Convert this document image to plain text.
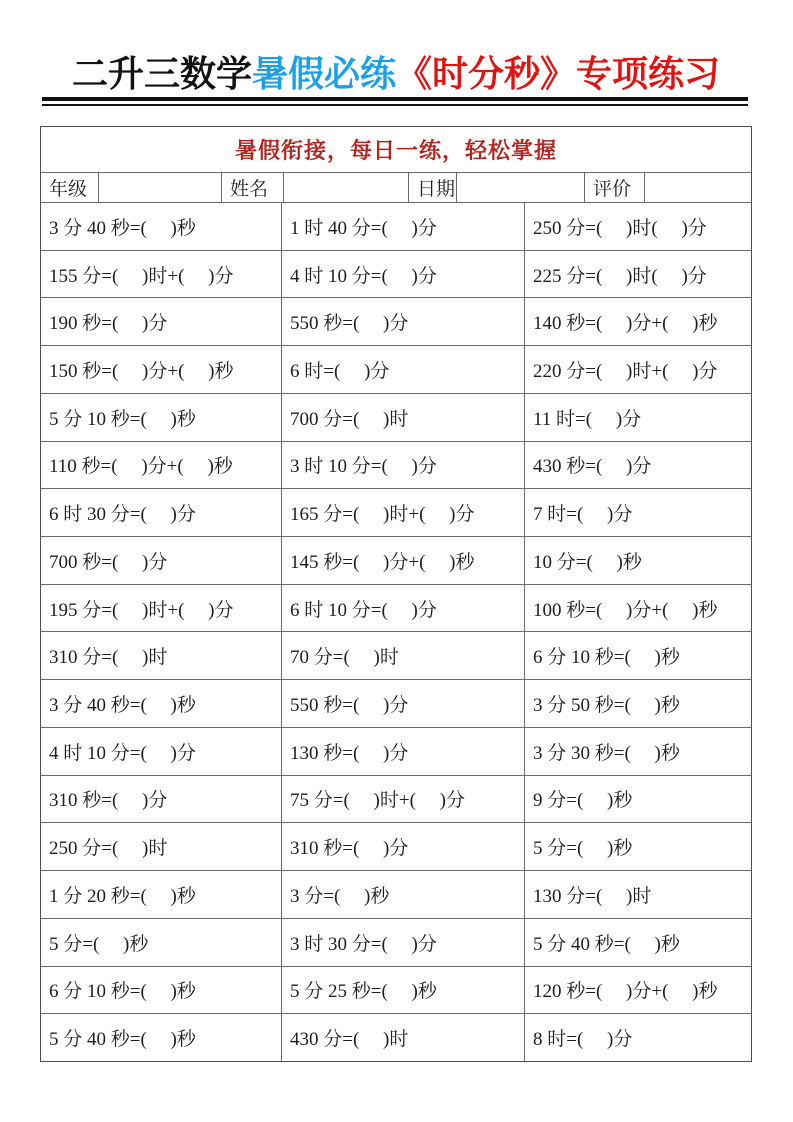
二升三数学暑假必练《时分秒》专项练习
暑假衔接，每日一练，轻松掌握
年级	姓名	日期	评价
3 分 40 秒=(     )秒	1 时 40 分=(     )分	250 分=(     )时(     )分
155 分=(     )时+(     )分	4 时 10 分=(     )分	225 分=(     )时(     )分
190 秒=(     )分	550 秒=(     )分	140 秒=(     )分+(     )秒
150 秒=(     )分+(     )秒	6 时=(     )分	220 分=(     )时+(     )分
5 分 10 秒=(     )秒	700 分=(     )时	11 时=(     )分
110 秒=(     )分+(     )秒	3 时 10 分=(     )分	430 秒=(     )分
6 时 30 分=(     )分	165 分=(     )时+(     )分	7 时=(     )分
700 秒=(     )分	145 秒=(     )分+(     )秒	10 分=(     )秒
195 分=(     )时+(     )分	6 时 10 分=(     )分	100 秒=(     )分+(     )秒
310 分=(     )时	70 分=(     )时	6 分 10 秒=(     )秒
3 分 40 秒=(     )秒	550 秒=(     )分	3 分 50 秒=(     )秒
4 时 10 分=(     )分	130 秒=(     )分	3 分 30 秒=(     )秒
310 秒=(     )分	75 分=(     )时+(     )分	9 分=(     )秒
250 分=(     )时	310 秒=(     )分	5 分=(     )秒
1 分 20 秒=(     )秒	3 分=(     )秒	130 分=(     )时
5 分=(     )秒	3 时 30 分=(     )分	5 分 40 秒=(     )秒
6 分 10 秒=(     )秒	5 分 25 秒=(     )秒	120 秒=(     )分+(     )秒
5 分 40 秒=(     )秒	430 分=(     )时	8 时=(     )分
